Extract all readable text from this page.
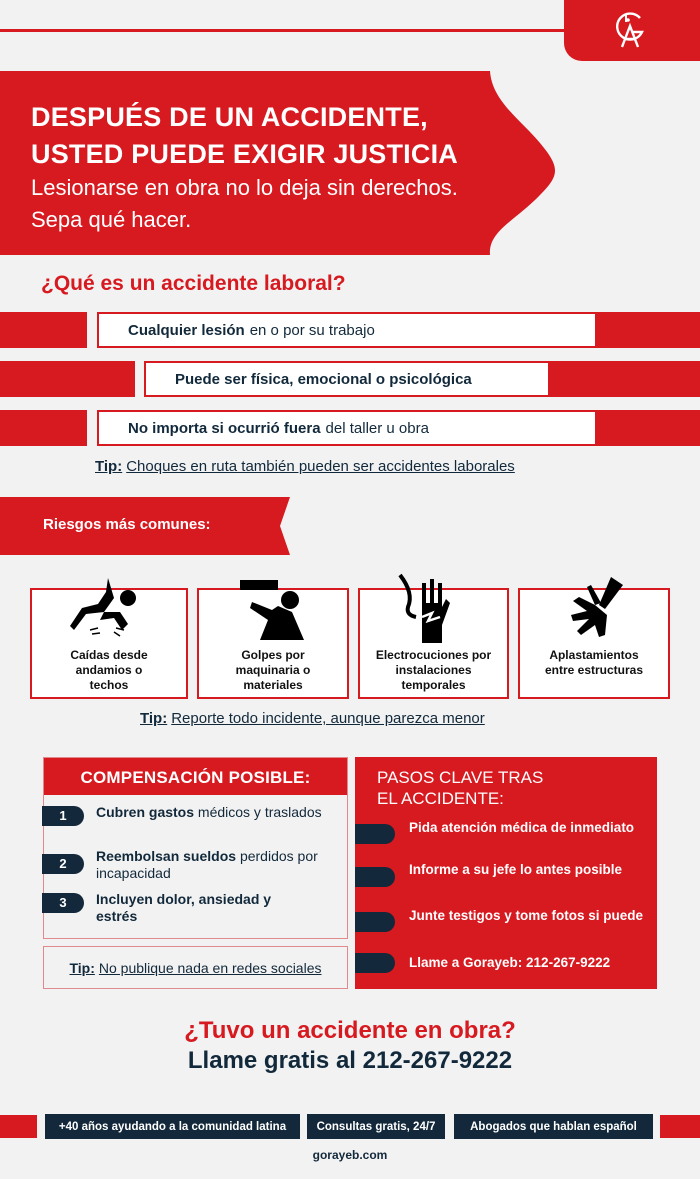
DESPUÉS DE UN ACCIDENTE,
USTED PUEDE EXIGIR JUSTICIA
Lesionarse en obra no lo deja sin derechos. Sepa qué hacer.
¿Qué es un accidente laboral?
Cualquier lesión en o por su trabajo
Puede ser física, emocional o psicológica
No importa si ocurrió fuera del taller u obra
Tip: Choques en ruta también pueden ser accidentes laborales
Riesgos más comunes:
Caídas desde andamios o techos
Golpes por maquinaria o materiales
Electrocuciones por instalaciones temporales
Aplastamientos entre estructuras
Tip: Reporte todo incidente, aunque parezca menor
COMPENSACIÓN POSIBLE:
1	Cubren gastos médicos y traslados
2	Reembolsan sueldos perdidos por incapacidad
3	Incluyen dolor, ansiedad y estrés
Tip: No publique nada en redes sociales
PASOS CLAVE TRAS
EL ACCIDENTE:
Pida atención médica de inmediato
Informe a su jefe lo antes posible
Junte testigos y tome fotos si puede
Llame a Gorayeb: 212-267-9222
¿Tuvo un accidente en obra?
Llame gratis al 212-267-9222
+40 años ayudando a la comunidad latina	Consultas gratis, 24/7	Abogados que hablan español
gorayeb.com
